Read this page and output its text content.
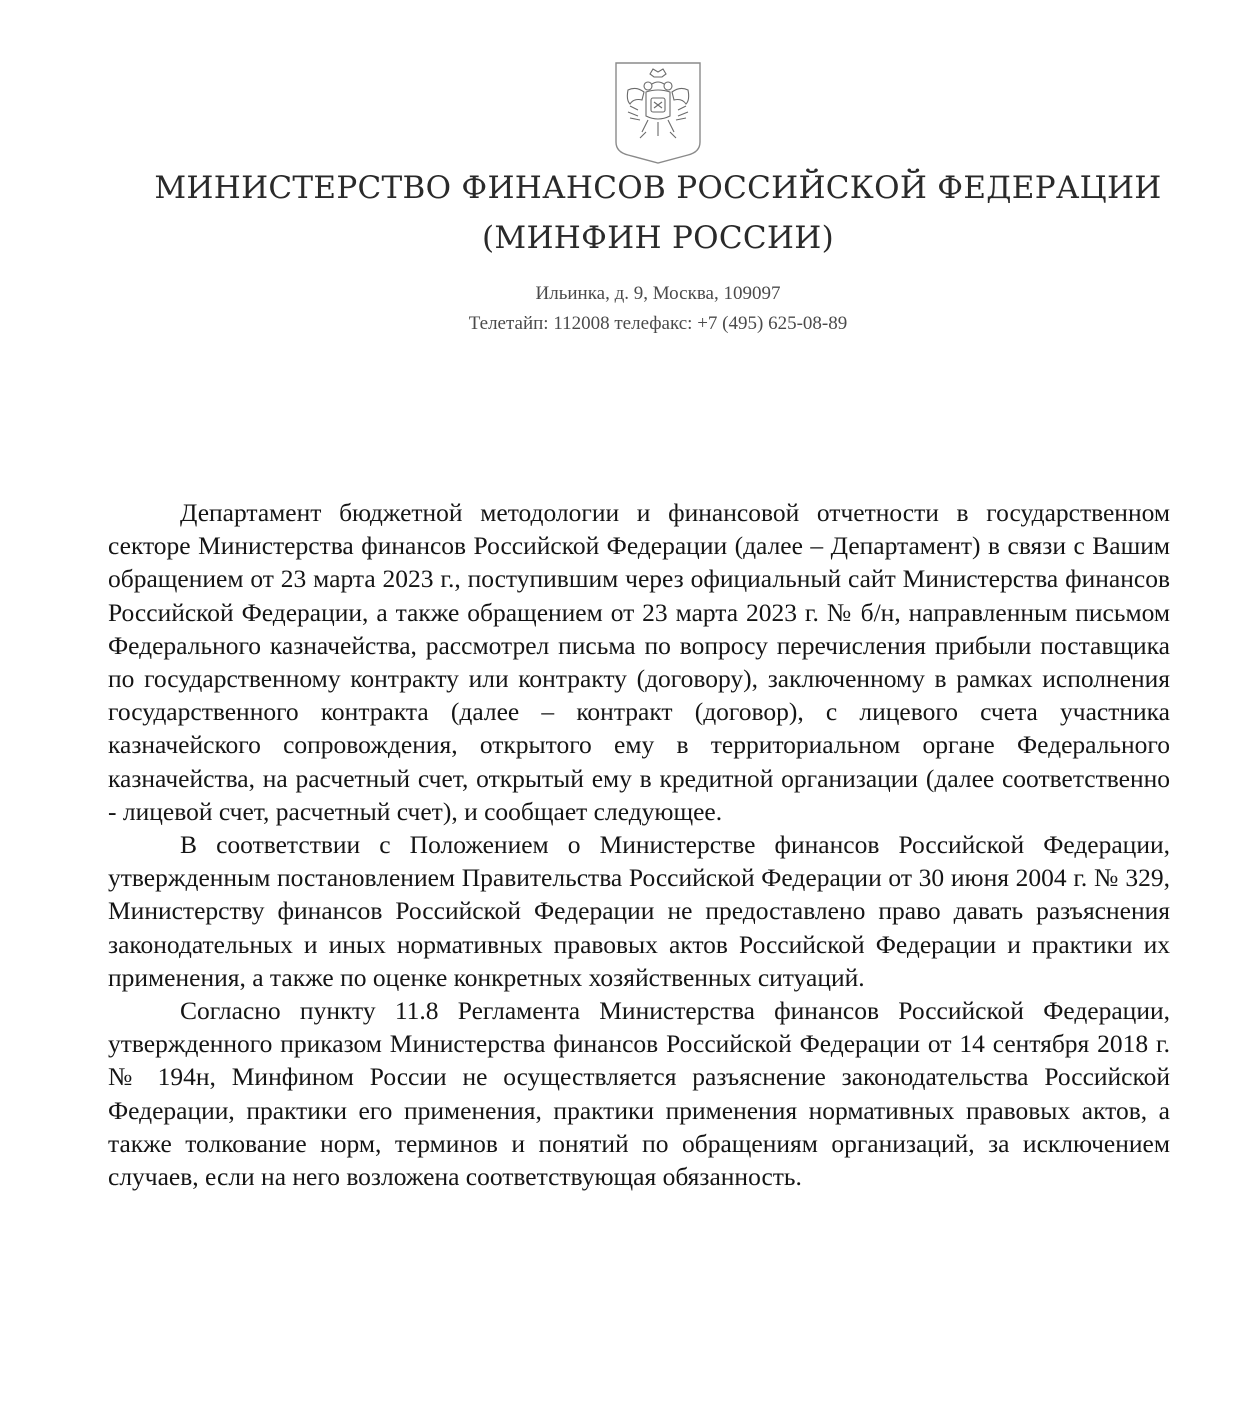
МИНИСТЕРСТВО ФИНАНСОВ РОССИЙСКОЙ ФЕДЕРАЦИИ
(МИНФИН РОССИИ)
Ильинка, д. 9, Москва, 109097
Телетайп: 112008 телефакс: +7 (495) 625-08-89

Департамент бюджетной методологии и финансовой отчетности в государственном секторе Министерства финансов Российской Федерации (далее – Департамент) в связи с Вашим обращением от 23 марта 2023 г., поступившим через официальный сайт Министерства финансов Российской Федерации, а также обращением от 23 марта 2023 г. № б/н, направленным письмом Федерального казначейства, рассмотрел письма по вопросу перечисления прибыли поставщика по государственному контракту или контракту (договору), заключенному в рамках исполнения государственного контракта (далее – контракт (договор), с лицевого счета участника казначейского сопровождения, открытого ему в территориальном органе Федерального казначейства, на расчетный счет, открытый ему в кредитной организации (далее соответственно - лицевой счет, расчетный счет), и сообщает следующее.

В соответствии с Положением о Министерстве финансов Российской Федерации, утвержденным постановлением Правительства Российской Федерации от 30 июня 2004 г. № 329, Министерству финансов Российской Федерации не предоставлено право давать разъяснения законодательных и иных нормативных правовых актов Российской Федерации и практики их применения, а также по оценке конкретных хозяйственных ситуаций.

Согласно пункту 11.8 Регламента Министерства финансов Российской Федерации, утвержденного приказом Министерства финансов Российской Федерации от 14 сентября 2018 г. № 194н, Минфином России не осуществляется разъяснение законодательства Российской Федерации, практики его применения, практики применения нормативных правовых актов, а также толкование норм, терминов и понятий по обращениям организаций, за исключением случаев, если на него возложена соответствующая обязанность.
